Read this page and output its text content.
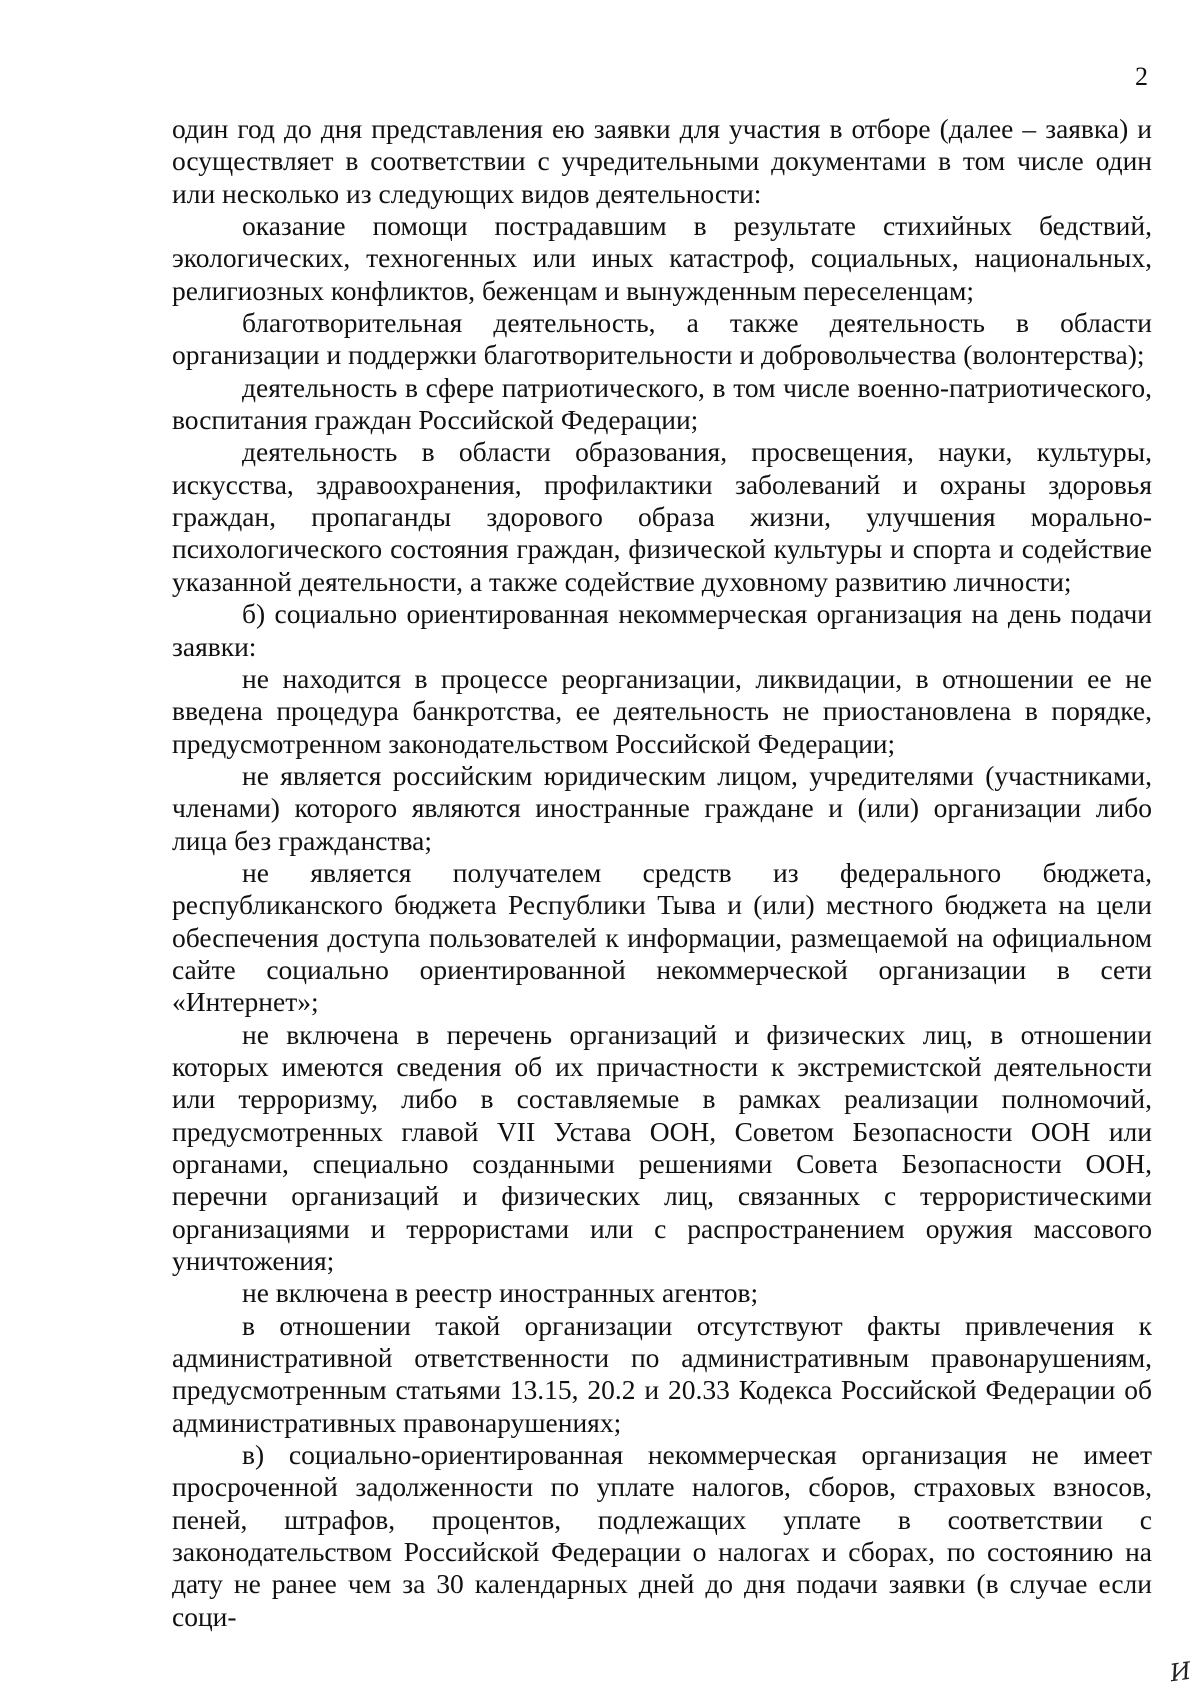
2

один год до дня представления ею заявки для участия в отборе (далее – заявка) и осуществляет в соответствии с учредительными документами в том числе один или несколько из следующих видов деятельности:

оказание помощи пострадавшим в результате стихийных бедствий, экологических, техногенных или иных катастроф, социальных, национальных, религиозных конфликтов, беженцам и вынужденным переселенцам;

благотворительная деятельность, а также деятельность в области организации и поддержки благотворительности и добровольчества (волонтерства);

деятельность в сфере патриотического, в том числе военно-патриотического, воспитания граждан Российской Федерации;

деятельность в области образования, просвещения, науки, культуры, искусства, здравоохранения, профилактики заболеваний и охраны здоровья граждан, пропаганды здорового образа жизни, улучшения морально-психологического состояния граждан, физической культуры и спорта и содействие указанной деятельности, а также содействие духовному развитию личности;

б) социально ориентированная некоммерческая организация на день подачи заявки:

не находится в процессе реорганизации, ликвидации, в отношении ее не введена процедура банкротства, ее деятельность не приостановлена в порядке, предусмотренном законодательством Российской Федерации;

не является российским юридическим лицом, учредителями (участниками, членами) которого являются иностранные граждане и (или) организации либо лица без гражданства;

не является получателем средств из федерального бюджета, республиканского бюджета Республики Тыва и (или) местного бюджета на цели обеспечения доступа пользователей к информации, размещаемой на официальном сайте социально ориентированной некоммерческой организации в сети «Интернет»;

не включена в перечень организаций и физических лиц, в отношении которых имеются сведения об их причастности к экстремистской деятельности или терроризму, либо в составляемые в рамках реализации полномочий, предусмотренных главой VII Устава ООН, Советом Безопасности ООН или органами, специально созданными решениями Совета Безопасности ООН, перечни организаций и физических лиц, связанных с террористическими организациями и террористами или с распространением оружия массового уничтожения;

не включена в реестр иностранных агентов;

в отношении такой организации отсутствуют факты привлечения к административной ответственности по административным правонарушениям, предусмотренным статьями 13.15, 20.2 и 20.33 Кодекса Российской Федерации об административных правонарушениях;

в) социально-ориентированная некоммерческая организация не имеет просроченной задолженности по уплате налогов, сборов, страховых взносов, пеней, штрафов, процентов, подлежащих уплате в соответствии с законодательством Российской Федерации о налогах и сборах, по состоянию на дату не ранее чем за 30 календарных дней до дня подачи заявки (в случае если соци-

И
